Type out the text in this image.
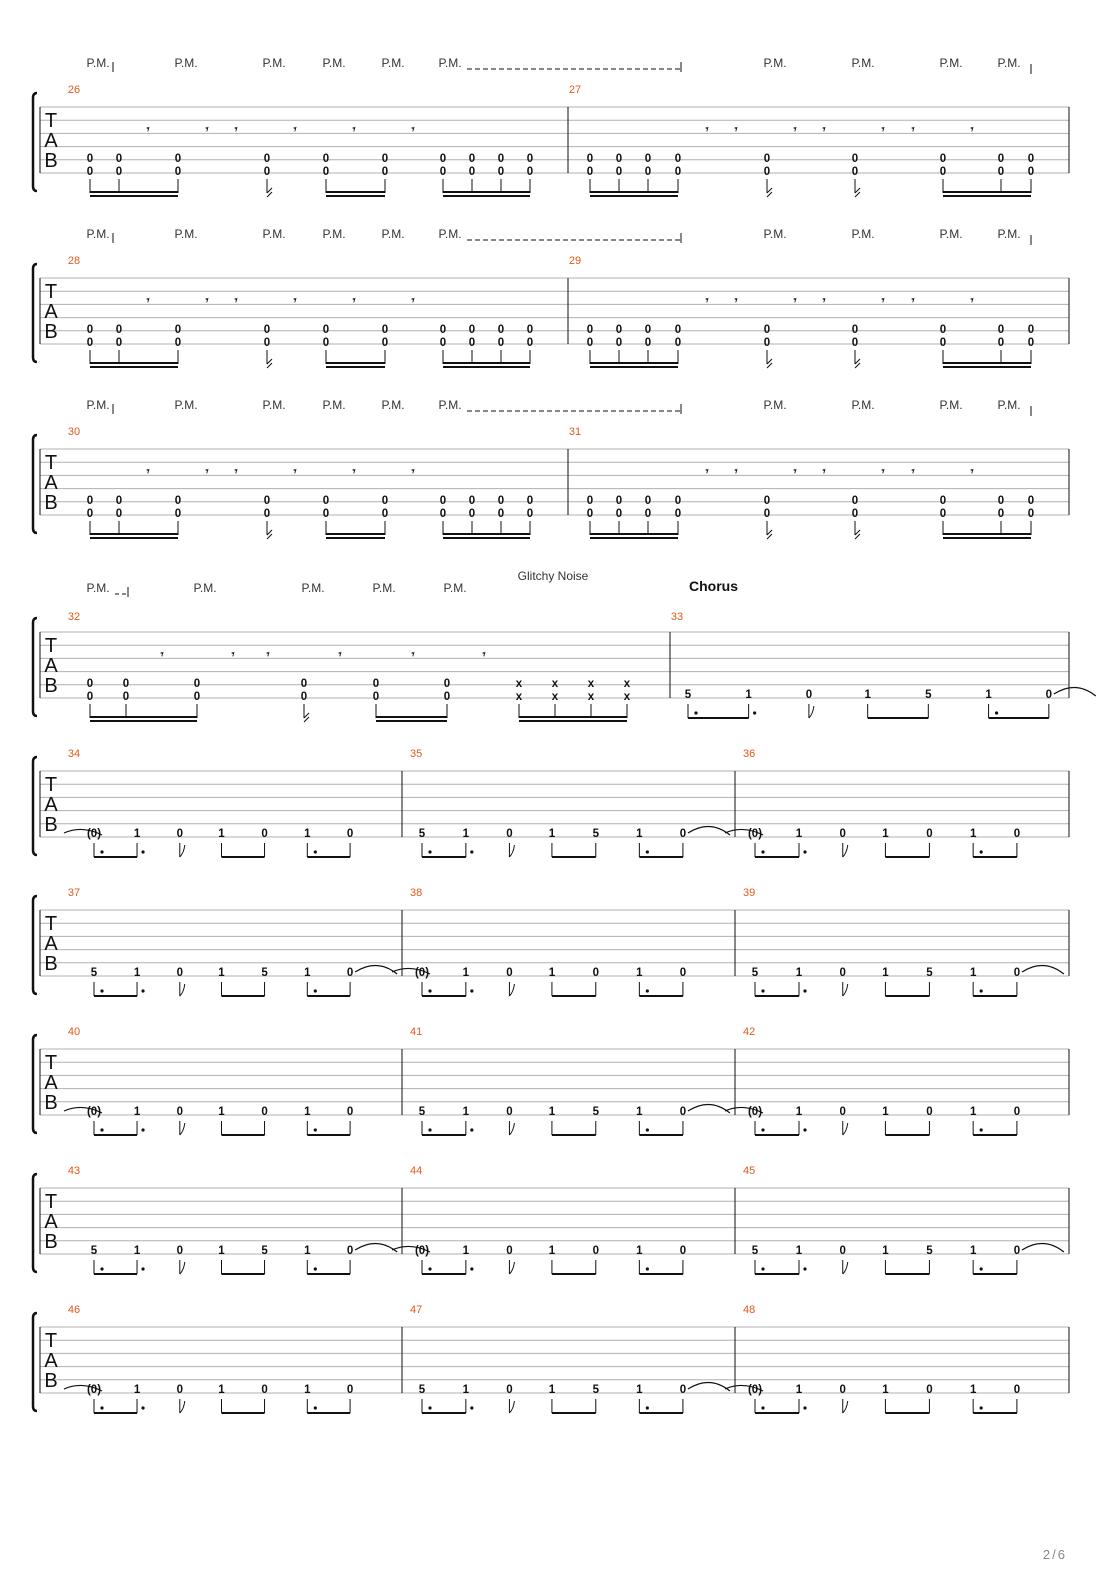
T
A
B
P.M.	P.M.	P.M.	P.M.	P.M.	P.M.	P.M.	P.M.	P.M.	P.M.
26	27
𝄾	𝄾 𝄾	𝄾	𝄾	𝄾	𝄾 𝄾	𝄾 𝄾	𝄾 𝄾	𝄾
0
0
0
0
0
0
0
0
0
0
0
0
0
0
0
0
0
0
0
0
0
0
0
0
0
0
0
0
0
0
0
0
0
0
0
0
0
0
T
A
B
P.M.	P.M.	P.M.	P.M.	P.M.	P.M.	P.M.	P.M.	P.M.	P.M.
28	29
𝄾	𝄾 𝄾	𝄾	𝄾	𝄾	𝄾 𝄾	𝄾 𝄾	𝄾 𝄾	𝄾
0
0
0
0
0
0
0
0
0
0
0
0
0
0
0
0
0
0
0
0
0
0
0
0
0
0
0
0
0
0
0
0
0
0
0
0
0
0
T
A
B
P.M.	P.M.	P.M.	P.M.	P.M.	P.M.	P.M.	P.M.	P.M.	P.M.
30	31
𝄾	𝄾 𝄾	𝄾	𝄾	𝄾	𝄾 𝄾	𝄾 𝄾	𝄾 𝄾	𝄾
0
0
0
0
0
0
0
0
0
0
0
0
0
0
0
0
0
0
0
0
0
0
0
0
0
0
0
0
0
0
0
0
0
0
0
0
0
0
T
A
B
P.M.	P.M.	P.M.	P.M.	P.M.
Glitchy Noise
Chorus
32	33
𝄾	𝄾	𝄾	𝄾	𝄾	𝄾
0
0
0
0
0
0
0
0
0
0
0
0
x
x
x
x
x
x
x
x	5	1	0	1	5	1	0
T
A
B
34
(0)	1	0	1	0	1	0
35
5	1	0	1	5	1	0
36
(0)	1	0	1	0	1	0
T
A
B
37
5	1	0	1	5	1	0
38
(0)	1	0	1	0	1	0
39
5	1	0	1	5	1	0
T
A
B
40
(0)	1	0	1	0	1	0
41
5	1	0	1	5	1	0
42
(0)	1	0	1	0	1	0
T
A
B
43
5	1	0	1	5	1	0
44
(0)	1	0	1	0	1	0
45
5	1	0	1	5	1	0
T
A
B
46
(0)	1	0	1	0	1	0
47
5	1	0	1	5	1	0
48
(0)	1	0	1	0	1	0
2 / 6
